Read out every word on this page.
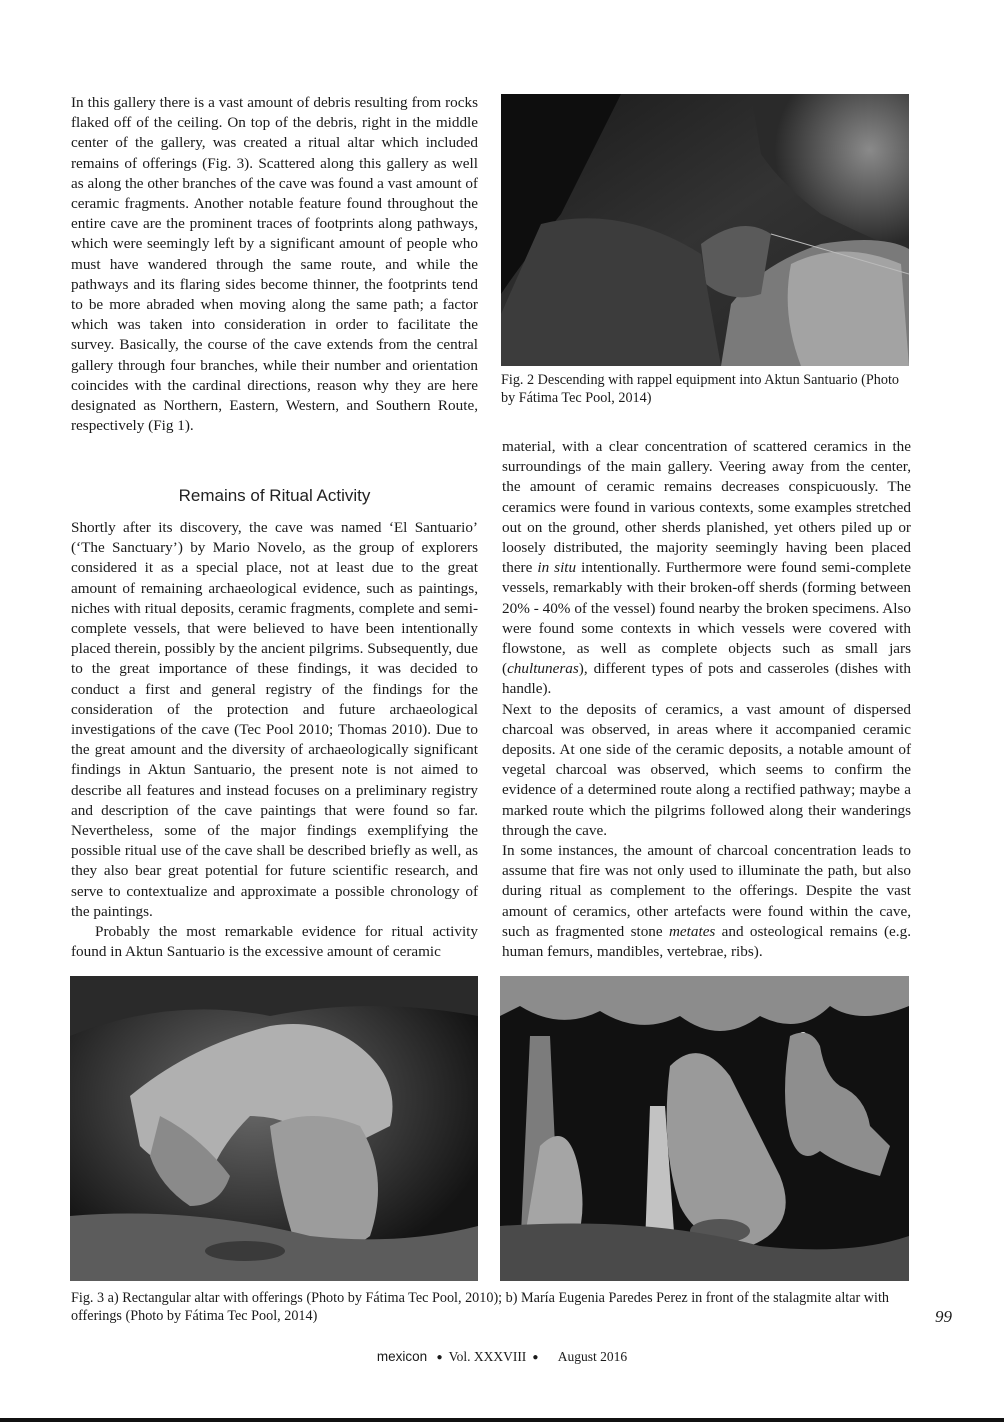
In this gallery there is a vast amount of debris resulting from rocks flaked off of the ceiling. On top of the debris, right in the middle center of the gallery, was created a ritual altar which included remains of offerings (Fig. 3). Scattered along this gallery as well as along the other branches of the cave was found a vast amount of ceramic fragments. Another notable feature found throughout the entire cave are the prominent traces of footprints along pathways, which were seemingly left by a significant amount of people who must have wandered through the same route, and while the pathways and its flaring sides become thinner, the footprints tend to be more abraded when moving along the same path; a factor which was taken into consideration in order to facilitate the survey. Basically, the course of the cave extends from the central gallery through four branches, while their number and orientation coincides with the cardinal directions, reason why they are here designated as Northern, Eastern, Western, and Southern Route, respectively (Fig 1).

Remains of Ritual Activity

Shortly after its discovery, the cave was named ‘El Santuario’ (‘The Sanctuary’) by Mario Novelo, as the group of explorers considered it as a special place, not at least due to the great amount of remaining archaeological evidence, such as paintings, niches with ritual deposits, ceramic fragments, complete and semi-complete vessels, that were believed to have been intentionally placed therein, possibly by the ancient pilgrims. Subsequently, due to the great importance of these findings, it was decided to conduct a first and general registry of the findings for the consideration of the protection and future archaeological investigations of the cave (Tec Pool 2010; Thomas 2010). Due to the great amount and the diversity of archaeologically significant findings in Aktun Santuario, the present note is not aimed to describe all features and instead focuses on a preliminary registry and description of the cave paintings that were found so far. Nevertheless, some of the major findings exemplifying the possible ritual use of the cave shall be described briefly as well, as they also bear great potential for future scientific research, and serve to contextualize and approximate a possible chronology of the paintings.

Probably the most remarkable evidence for ritual activity found in Aktun Santuario is the excessive amount of ceramic

Fig. 2 Descending with rappel equipment into Aktun Santuario (Photo by Fátima Tec Pool, 2014)

material, with a clear concentration of scattered ceramics in the surroundings of the main gallery. Veering away from the center, the amount of ceramic remains decreases conspicuously. The ceramics were found in various contexts, some examples stretched out on the ground, other sherds planished, yet others piled up or loosely distributed, the majority seemingly having been placed there in situ intentionally. Furthermore were found semi-complete vessels, remarkably with their broken-off sherds (forming between 20% - 40% of the vessel) found nearby the broken specimens. Also were found some contexts in which vessels were covered with flowstone, as well as complete objects such as small jars (chultuneras), different types of pots and casseroles (dishes with handle).

Next to the deposits of ceramics, a vast amount of dispersed charcoal was observed, in areas where it accompanied ceramic deposits. At one side of the ceramic deposits, a notable amount of vegetal charcoal was observed, which seems to confirm the evidence of a determined route along a rectified pathway; maybe a marked route which the pilgrims followed along their wanderings through the cave.

In some instances, the amount of charcoal concentration leads to assume that fire was not only used to illuminate the path, but also during ritual as complement to the offerings. Despite the vast amount of ceramics, other artefacts were found within the cave, such as fragmented stone metates and osteological remains (e.g. human femurs, mandibles, vertebrae, ribs).

Fig. 3 a) Rectangular altar with offerings (Photo by Fátima Tec Pool, 2010); b) María Eugenia Paredes Perez in front of the stalagmite altar with offerings (Photo by Fátima Tec Pool, 2014)	99
mexicon ● Vol. XXXVIII ● August 2016
